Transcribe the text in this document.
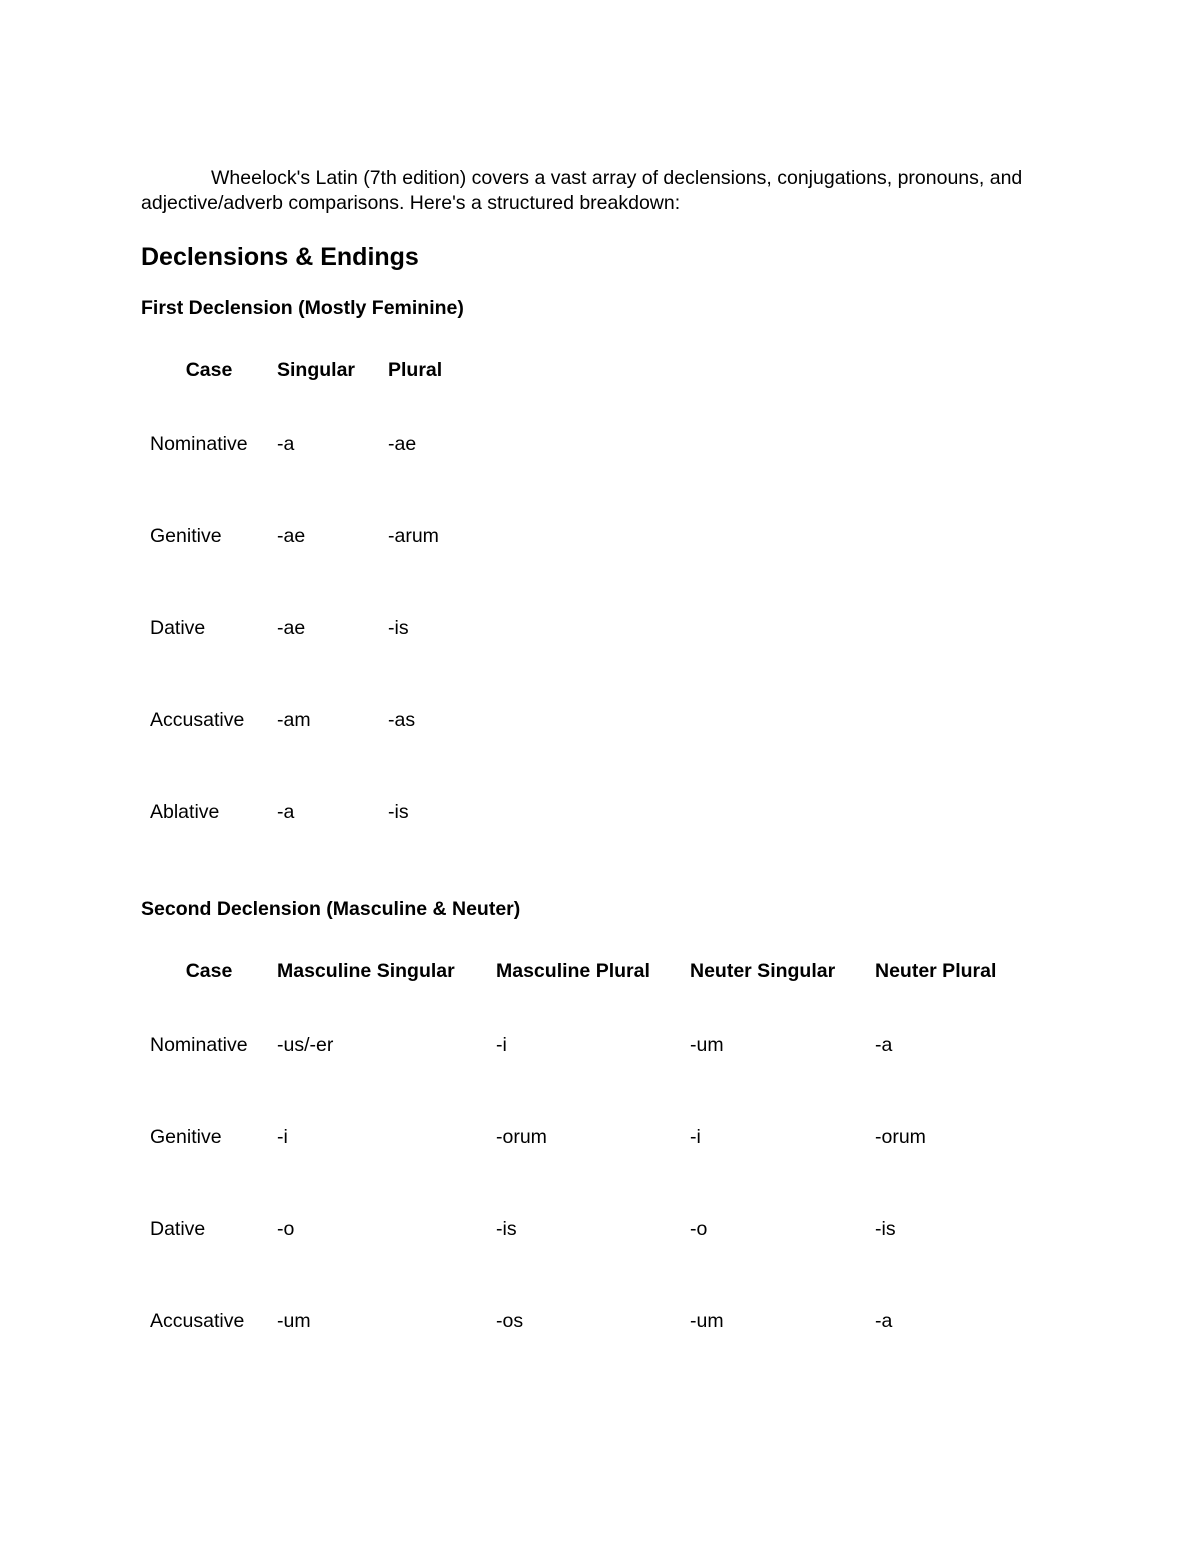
Wheelock's Latin (7th edition) covers a vast array of declensions, conjugations, pronouns, and adjective/adverb comparisons. Here's a structured breakdown:

Declensions & Endings
First Declension (Mostly Feminine)
Case	Singular	Plural
Nominative	-a	-ae
Genitive	-ae	-arum
Dative	-ae	-is
Accusative	-am	-as
Ablative	-a	-is
Second Declension (Masculine & Neuter)
Case	Masculine Singular	Masculine Plural	Neuter Singular	Neuter Plural
Nominative	-us/-er	-i	-um	-a
Genitive	-i	-orum	-i	-orum
Dative	-o	-is	-o	-is
Accusative	-um	-os	-um	-a
